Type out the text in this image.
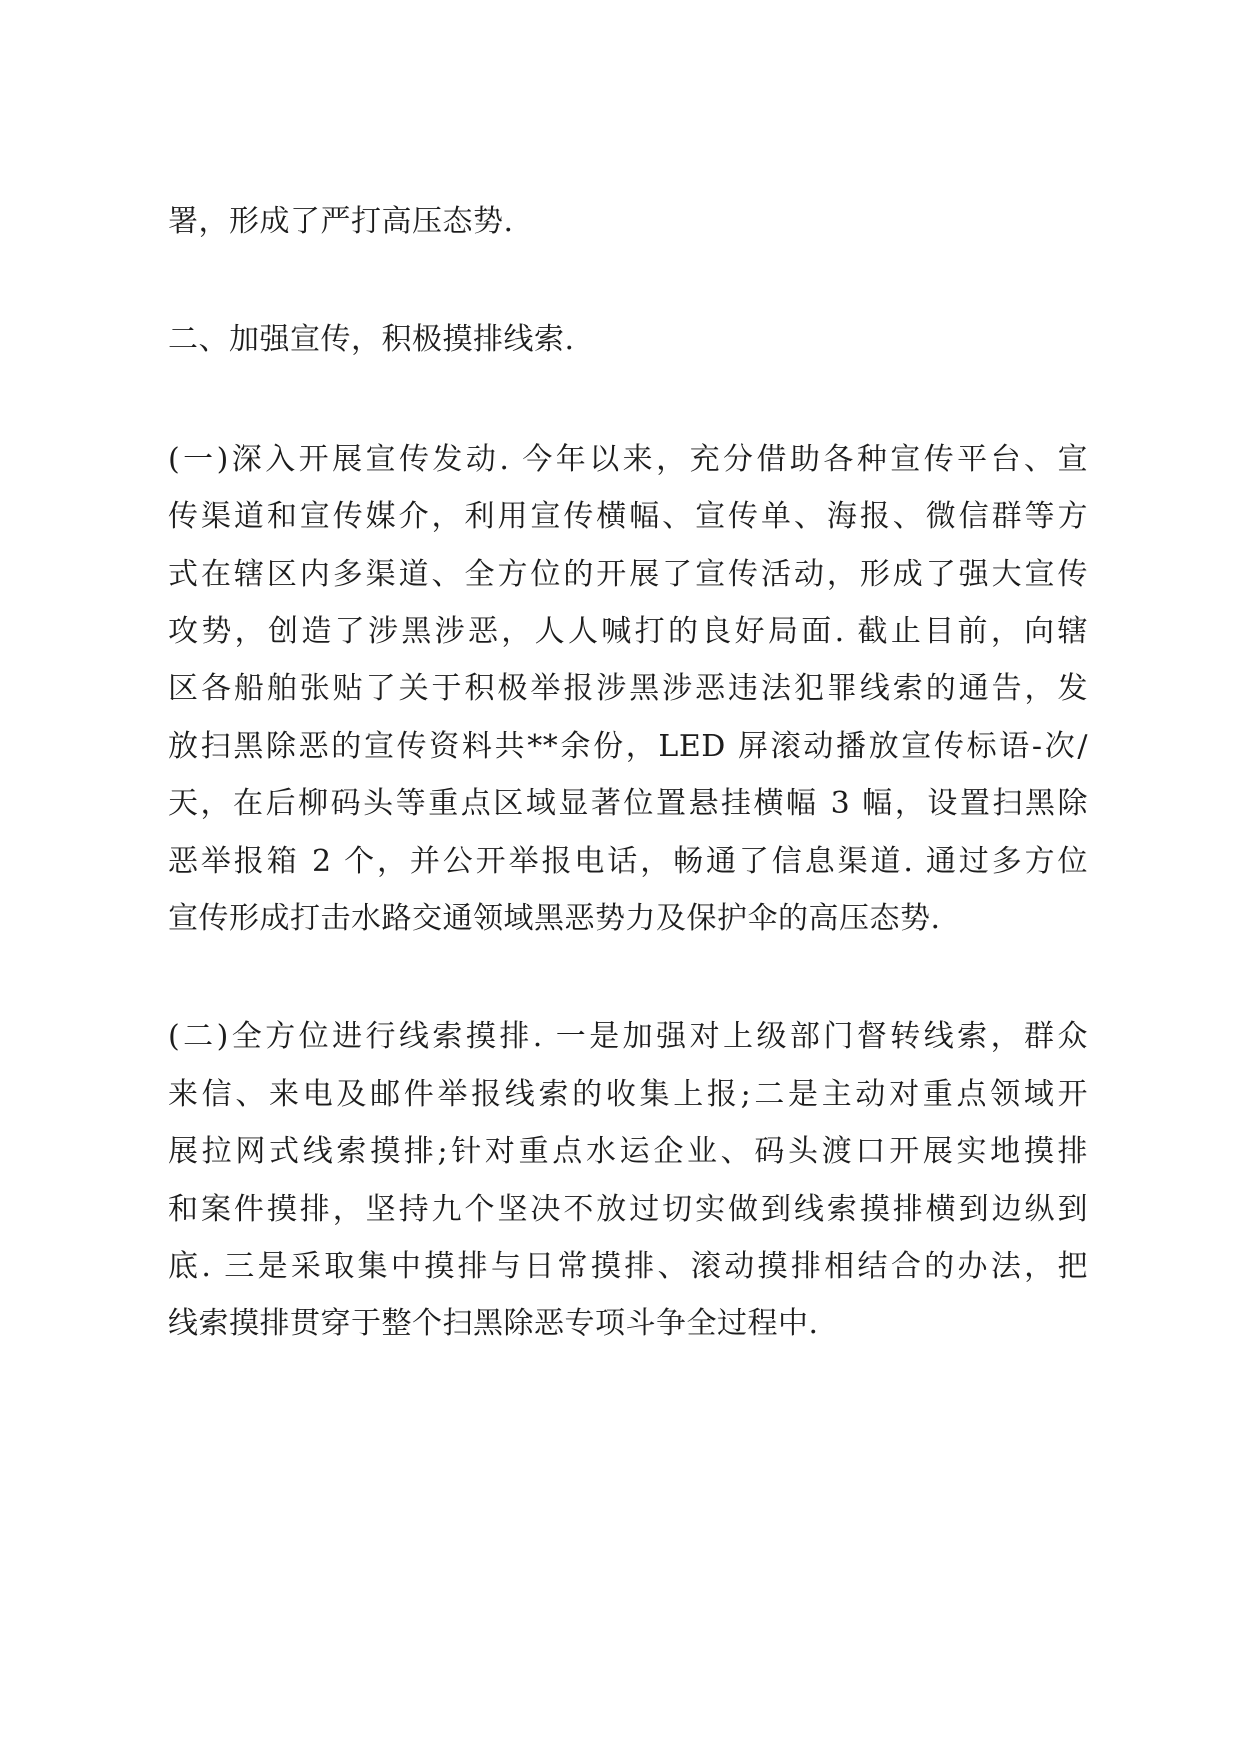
署，形成了严打高压态势.
二、加强宣传，积极摸排线索.
(一)深入开展宣传发动. 今年以来，充分借助各种宣传平台、宣
传渠道和宣传媒介，利用宣传横幅、宣传单、海报、微信群等方
式在辖区内多渠道、全方位的开展了宣传活动，形成了强大宣传
攻势，创造了涉黑涉恶，人人喊打的良好局面. 截止目前，向辖
区各船舶张贴了关于积极举报涉黑涉恶违法犯罪线索的通告，发
放扫黑除恶的宣传资料共**余份，LED 屏滚动播放宣传标语-次/
天，在后柳码头等重点区域显著位置悬挂横幅 3 幅，设置扫黑除
恶举报箱 2 个，并公开举报电话，畅通了信息渠道. 通过多方位
宣传形成打击水路交通领域黑恶势力及保护伞的高压态势.
(二)全方位进行线索摸排. 一是加强对上级部门督转线索，群众
来信、来电及邮件举报线索的收集上报;二是主动对重点领域开
展拉网式线索摸排;针对重点水运企业、码头渡口开展实地摸排
和案件摸排，坚持九个坚决不放过切实做到线索摸排横到边纵到
底. 三是采取集中摸排与日常摸排、滚动摸排相结合的办法，把
线索摸排贯穿于整个扫黑除恶专项斗争全过程中.
